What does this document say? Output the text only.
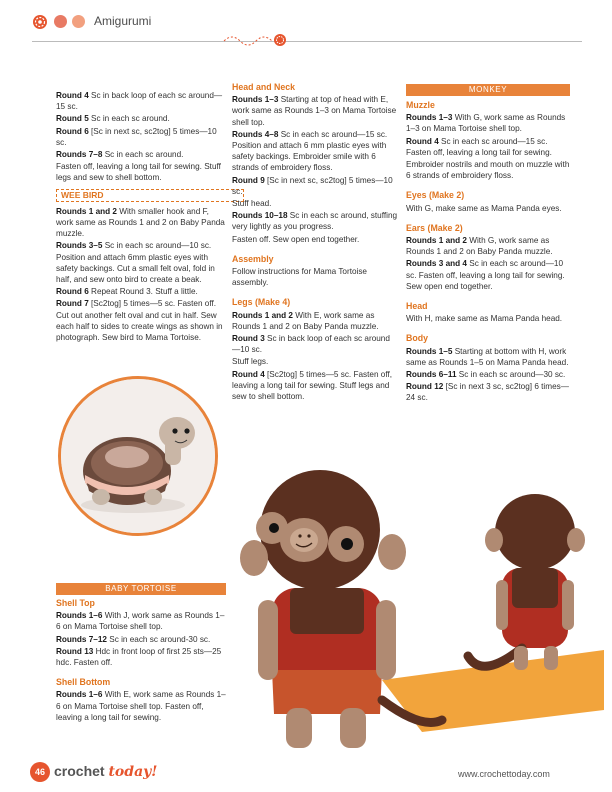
Amigurumi

Round 4 Sc in back loop of each sc around—15 sc.

Round 5 Sc in each sc around.

Round 6 [Sc in next sc, sc2tog] 5 times—10 sc.

Rounds 7–8 Sc in each sc around.

Fasten off, leaving a long tail for sewing. Stuff legs and sew to shell bottom.

WEE BIRD

Rounds 1 and 2 With smaller hook and F, work same as Rounds 1 and 2 on Baby Panda muzzle.

Rounds 3–5 Sc in each sc around—10 sc. Position and attach 6mm plastic eyes with safety backings. Cut a small felt oval, fold in half, and sew onto bird to create a beak.

Round 6 Repeat Round 3. Stuff a little.

Round 7 [Sc2tog] 5 times—5 sc. Fasten off. Cut out another felt oval and cut in half. Sew each half to sides to create wings as shown in photograph. Sew bird to Mama Tortoise.

Head and Neck

Rounds 1–3 Starting at top of head with E, work same as Rounds 1–3 on Mama Tortoise shell top.

Rounds 4–8 Sc in each sc around—15 sc. Position and attach 6 mm plastic eyes with safety backings. Embroider smile with 6 strands of embroidery floss.

Round 9 [Sc in next sc, sc2tog] 5 times—10 sc.

Stuff head.

Rounds 10–18 Sc in each sc around, stuffing very lightly as you progress.

Fasten off. Sew open end together.

Assembly

Follow instructions for Mama Tortoise assembly.

Legs (Make 4)

Rounds 1 and 2 With E, work same as Rounds 1 and 2 on Baby Panda muzzle.

Round 3 Sc in back loop of each sc around—10 sc.

Stuff legs.

Round 4 [Sc2tog] 5 times—5 sc. Fasten off, leaving a long tail for sewing. Stuff legs and sew to shell bottom.

MONKEY

Muzzle

Rounds 1–3 With G, work same as Rounds 1–3 on Mama Tortoise shell top.

Round 4 Sc in each sc around—15 sc. Fasten off, leaving a long tail for sewing.

Embroider nostrils and mouth on muzzle with 6 strands of embroidery floss.

Eyes (Make 2)

With G, make same as Mama Panda eyes.

Ears (Make 2)

Rounds 1 and 2 With G, work same as Rounds 1 and 2 on Baby Panda muzzle.

Rounds 3 and 4 Sc in each sc around—10 sc. Fasten off, leaving a long tail for sewing. Sew open end together.

Head

With H, make same as Mama Panda head.

Body

Rounds 1–5 Starting at bottom with H, work same as Rounds 1–5 on Mama Panda head.

Rounds 6–11 Sc in each sc around—30 sc.

Round 12 [Sc in next 3 sc, sc2tog] 6 times—24 sc.

BABY TORTOISE

Shell Top

Rounds 1–6 With J, work same as Rounds 1–6 on Mama Tortoise shell top.

Rounds 7–12 Sc in each sc around-30 sc.

Round 13 Hdc in front loop of first 25 sts—25 hdc. Fasten off.

Shell Bottom

Rounds 1–6 With E, work same as Rounds 1–6 on Mama Tortoise shell top. Fasten off, leaving a long tail for sewing.

46 crochet today!	www.crochettoday.com
